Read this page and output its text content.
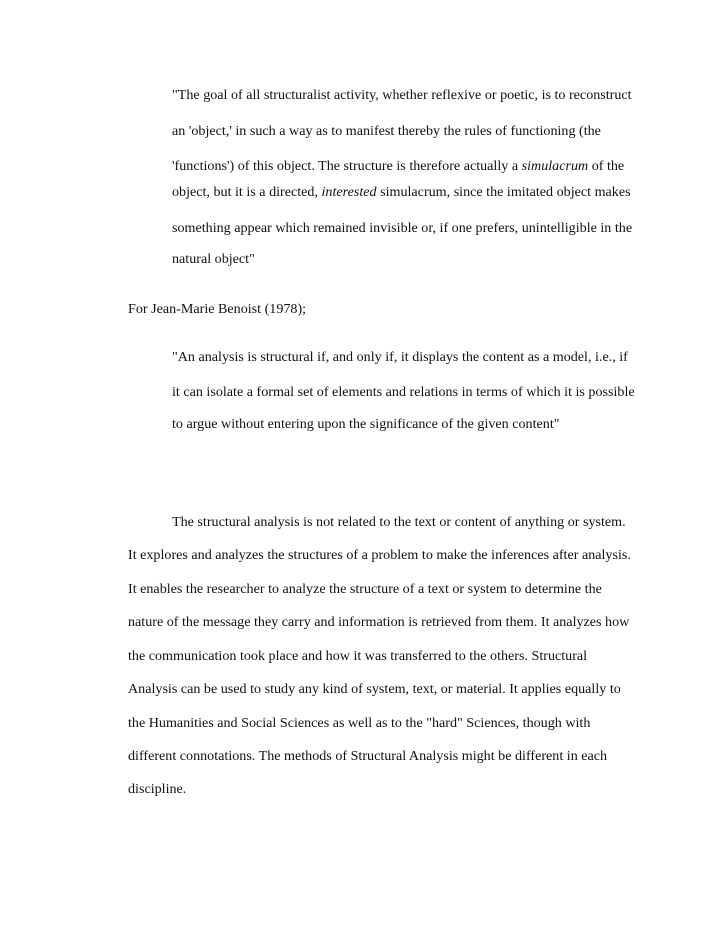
"The goal of all structuralist activity, whether reflexive or poetic, is to reconstruct

an 'object,' in such a way as to manifest thereby the rules of functioning (the

'functions') of this object. The structure is therefore actually a simulacrum of the

object, but it is a directed, interested simulacrum, since the imitated object makes

something appear which remained invisible or, if one prefers, unintelligible in the

natural object"

For Jean-Marie Benoist (1978);

"An analysis is structural if, and only if, it displays the content as a model, i.e., if

it can isolate a formal set of elements and relations in terms of which it is possible

to argue without entering upon the significance of the given content"

The structural analysis is not related to the text or content of anything or system.

It explores and analyzes the structures of a problem to make the inferences after analysis.

It enables the researcher to analyze the structure of a text or system to determine the

nature of the message they carry and information is retrieved from them. It analyzes how

the communication took place and how it was transferred to the others. Structural

Analysis can be used to study any kind of system, text, or material. It applies equally to

the Humanities and Social Sciences as well as to the "hard" Sciences, though with

different connotations. The methods of Structural Analysis might be different in each

discipline.
